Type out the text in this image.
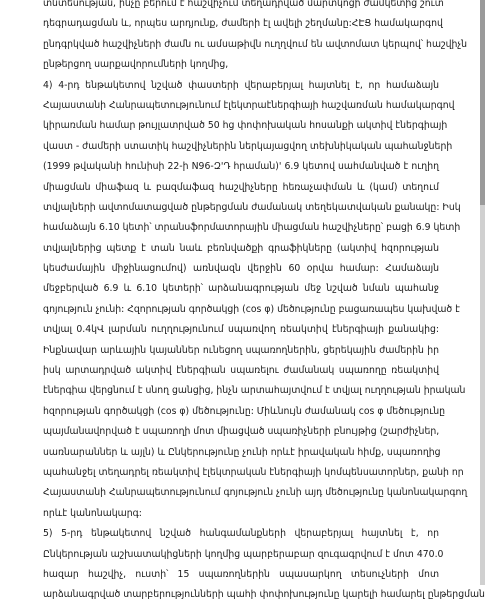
տնտեսության, ինչը բերում է հաշվիչում տեղադրված մարտկոցի ժամկետից շուտ
դեգրադացման և, որպես արդյունք, ժամերի էլ ավելի շեղմանը:ՀԷՑ համակարգով
ընդգրկված հաշվիչների ժամն ու ամսաթիվն ուղղվում են ավտոմատ կերպով՝ հաշվիչն
ընթերցող սարքավորումների կողմից,
4) 4-րդ ենթակետով նշված փաստերի վերաբերյալ հայտնել է, որ համաձայն
Հայաստանի Հանրապետությունում էլեկտրաէներգիայի հաշվառման համակարգով
կիրառման համար թույլատրված 50 հց փոփոխական հոսանքի ակտիվ էներգիայի
վաստ - ժամերի ստատիկ հաշվիչներին ներկայացվող տեխնիկական պահանջների
(1999 թվականի հունիսի 22-ի N96-Զ'Դ հրաման)' 6.9 կետով սահմանված է ուղիղ
միացման միաֆազ և բազմաֆազ հաշվիչները հեռաչափման և (կամ) տեղում
տվյալների ավտոմատացված ընթերցման ժամանակ տեղեկատվական քանակը: Իսկ
համաձայն 6.10 կետի՝ տրանսֆորմատորային միացման հաշվիչները՝ բացի 6.9 կետի
տվյալներից պետք է տան նաև բեռնվածքի գրաֆիկները (ակտիվ հզորության
կեսժամային միջինացումով) առնվազն վերջին 60 օրվա համար: Համաձայն
մեջբերված 6.9 և 6.10 կետերի՝ արձանագրության մեջ նշված նման պահանջ
գոյություն չունի: Հզորության գործակցի (cos φ) մեծությունը բացառապես կախված է
տվյալ 0.4կՎ լարման ուղղությունում սպառվող ռեակտիվ էներգիայի քանակից:
Ինքնավար արևային կայաններ ունեցող սպառողներին, ցերեկային ժամերին իր
իսկ արտադրված ակտիվ էներգիան սպառելու ժամանակ սպառողը ռեակտիվ
էներգիա վերցնում է սնող ցանցից, ինչն արտահայտվում է տվյալ ուղղության իրական
հզորության գործակցի (cos φ) մեծությունը: Միևնույն ժամանակ cos φ մեծությունը
պայմանավորված է սպառողի մոտ միացված սպառիչների բնույթից (շարժիչներ,
սառնարաններ և այլն) և Ընկերությունը չունի որևէ իրավական հիմք, սպառողից
պահանջել տեղադրել ռեակտիվ էլեկտրական էներգիայի կոմպենսատորներ, քանի որ
Հայաստանի Հանրապետությունում գոյություն չունի այդ մեծությունը կանոնակարգող
որևէ կանոնակարգ:
5) 5-րդ ենթակետով նշված հանգամանքների վերաբերյալ հայտնել է, որ
Ընկերության աշխատակիցների կողմից պարբերաբար զուգագրվում է մոտ 470.0
հազար հաշվիչ, ուստի՝ 15 սպառողներին սպասարկող տեսուչների մոտ
արձանագրված տարբերությունների պահի փոփոխությունը կարելի համարել ընթերցման
